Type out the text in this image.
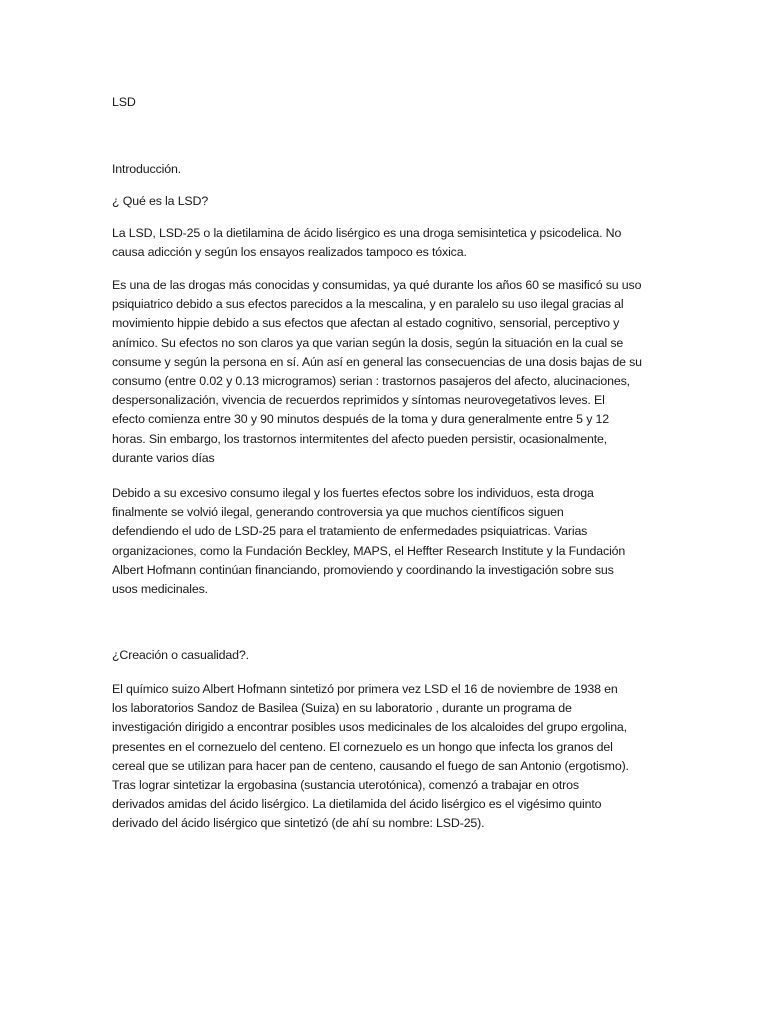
LSD

Introducción.

¿ Qué es la LSD?

La LSD, LSD-25 o la dietilamina de ácido lisérgico es una droga semisintetica y psicodelica. No
causa adicción y según los ensayos realizados tampoco es tóxica.

Es una de las drogas más conocidas y consumidas, ya qué durante los años 60 se masificó su uso
psiquiatrico debido a sus efectos parecidos a la mescalina, y en paralelo su uso ilegal gracias al
movimiento hippie debido a sus efectos que afectan al estado cognitivo, sensorial, perceptivo y
anímico. Su efectos no son claros ya que varian según la dosis, según la situación en la cual se
consume y según la persona en sí. Aún así en general las consecuencias de una dosis bajas de su
consumo (entre 0.02 y 0.13 microgramos) serian : trastornos pasajeros del afecto, alucinaciones,
despersonalización, vivencia de recuerdos reprimidos y síntomas neurovegetativos leves. El
efecto comienza entre 30 y 90 minutos después de la toma y dura generalmente entre 5 y 12
horas. Sin embargo, los trastornos intermitentes del afecto pueden persistir, ocasionalmente,
durante varios días

Debido a su excesivo consumo ilegal y los fuertes efectos sobre los individuos, esta droga
finalmente se volvió ilegal, generando controversia ya que muchos científicos siguen
defendiendo el udo de LSD-25 para el tratamiento de enfermedades psiquiatricas. Varias
organizaciones, como la Fundación Beckley, MAPS, el Heffter Research Institute y la Fundación
Albert Hofmann continúan financiando, promoviendo y coordinando la investigación sobre sus
usos medicinales.

¿Creación o casualidad?.

El químico suizo Albert Hofmann sintetizó por primera vez LSD el 16 de noviembre de 1938 en
los laboratorios Sandoz de Basilea (Suiza) en su laboratorio , durante un programa de
investigación dirigido a encontrar posibles usos medicinales de los alcaloides del grupo ergolina,
presentes en el cornezuelo del centeno. El cornezuelo es un hongo que infecta los granos del
cereal que se utilizan para hacer pan de centeno, causando el fuego de san Antonio (ergotismo).
Tras lograr sintetizar la ergobasina (sustancia uterotónica), comenzó a trabajar en otros
derivados amidas del ácido lisérgico. La dietilamida del ácido lisérgico es el vigésimo quinto
derivado del ácido lisérgico que sintetizó (de ahí su nombre: LSD-25).
